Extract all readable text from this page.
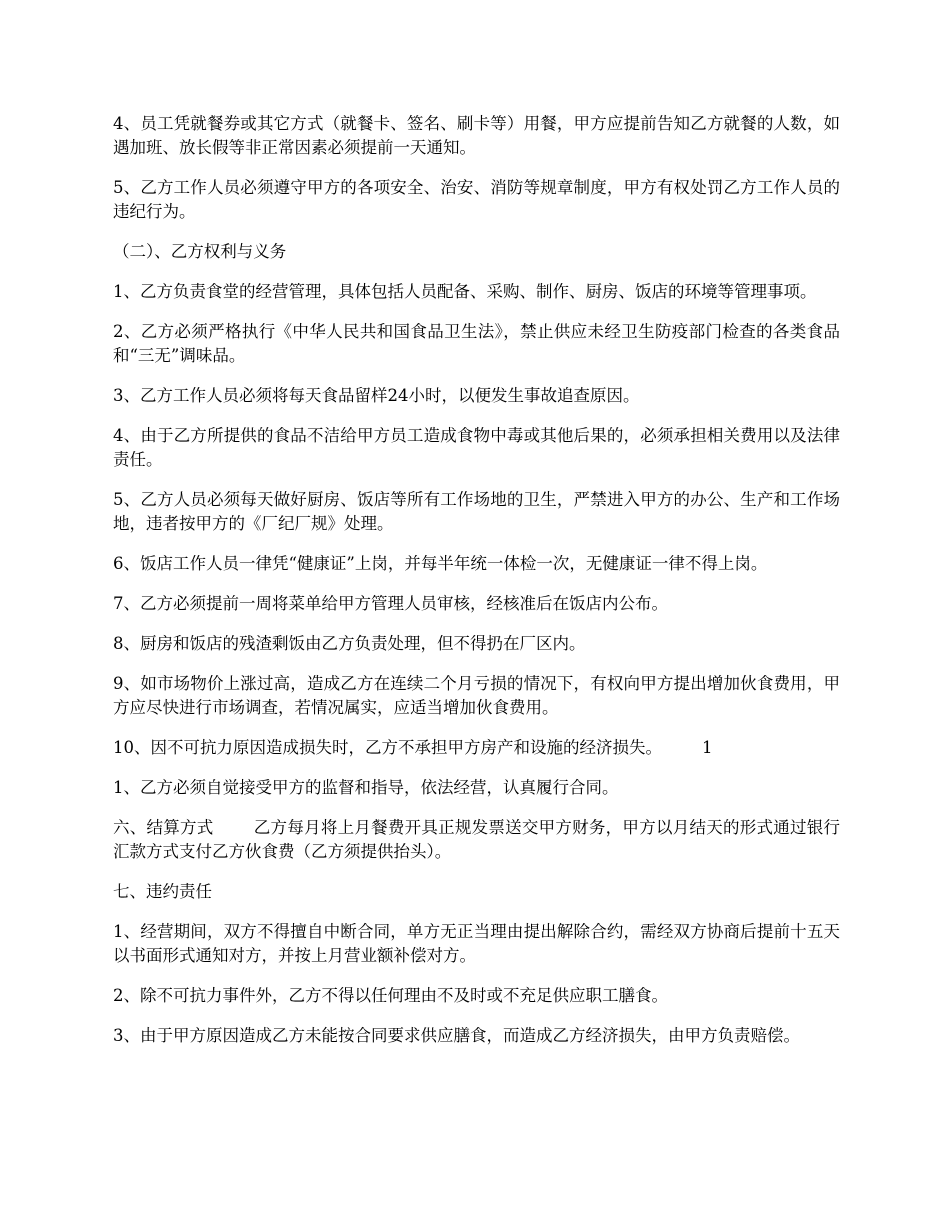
4、员工凭就餐券或其它方式（就餐卡、签名、刷卡等）用餐，甲方应提前告知乙方就餐的人数，如遇加班、放长假等非正常因素必须提前一天通知。

5、乙方工作人员必须遵守甲方的各项安全、治安、消防等规章制度，甲方有权处罚乙方工作人员的违纪行为。

（二）、乙方权利与义务

1、乙方负责食堂的经营管理，具体包括人员配备、采购、制作、厨房、饭店的环境等管理事项。

2、乙方必须严格执行《中华人民共和国食品卫生法》，禁止供应未经卫生防疫部门检查的各类食品和“三无”调味品。

3、乙方工作人员必须将每天食品留样24小时，以便发生事故追查原因。

4、由于乙方所提供的食品不洁给甲方员工造成食物中毒或其他后果的，必须承担相关费用以及法律责任。

5、乙方人员必须每天做好厨房、饭店等所有工作场地的卫生，严禁进入甲方的办公、生产和工作场地，违者按甲方的《厂纪厂规》处理。

6、饭店工作人员一律凭“健康证”上岗，并每半年统一体检一次，无健康证一律不得上岗。

7、乙方必须提前一周将菜单给甲方管理人员审核，经核准后在饭店内公布。

8、厨房和饭店的残渣剩饭由乙方负责处理，但不得扔在厂区内。

9、如市场物价上涨过高，造成乙方在连续二个月亏损的情况下，有权向甲方提出增加伙食费用，甲方应尽快进行市场调查，若情况属实，应适当增加伙食费用。

10、因不可抗力原因造成损失时，乙方不承担甲方房产和设施的经济损失。 1

1、乙方必须自觉接受甲方的监督和指导，依法经营，认真履行合同。

六、结算方式 乙方每月将上月餐费开具正规发票送交甲方财务，甲方以月结天的形式通过银行汇款方式支付乙方伙食费（乙方须提供抬头）。

七、违约责任

1、经营期间，双方不得擅自中断合同，单方无正当理由提出解除合约，需经双方协商后提前十五天以书面形式通知对方，并按上月营业额补偿对方。

2、除不可抗力事件外，乙方不得以任何理由不及时或不充足供应职工膳食。

3、由于甲方原因造成乙方未能按合同要求供应膳食，而造成乙方经济损失，由甲方负责赔偿。
